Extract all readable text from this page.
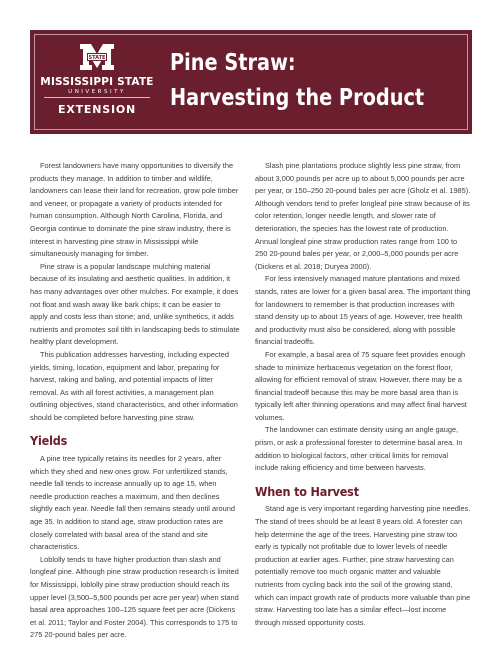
STATE
MISSISSIPPI STATE
UNIVERSITY
EXTENSION
Pine Straw:
Harvesting the Product

Forest landowners have many opportunities to diversify the products they manage. In addition to timber and wildlife, landowners can lease their land for recreation, grow pole timber and veneer, or propagate a variety of products intended for human consumption. Although North Carolina, Florida, and Georgia continue to dominate the pine straw industry, there is interest in harvesting pine straw in Mississippi while simultaneously managing for timber.

Pine straw is a popular landscape mulching material because of its insulating and aesthetic qualities. In addition, it has many advantages over other mulches. For example, it does not float and wash away like bark chips; it can be easier to apply and costs less than stone; and, unlike synthetics, it adds nutrients and promotes soil tilth in landscaping beds to stimulate healthy plant development.

This publication addresses harvesting, including expected yields, timing, location, equipment and labor, preparing for harvest, raking and baling, and potential impacts of litter removal. As with all forest activities, a management plan outlining objectives, stand characteristics, and other information should be completed before harvesting pine straw.

Yields

A pine tree typically retains its needles for 2 years, after which they shed and new ones grow. For unfertilized stands, needle fall tends to increase annually up to age 15, when needle production reaches a maximum, and then declines slightly each year. Needle fall then remains steady until around age 35. In addition to stand age, straw production rates are closely correlated with basal area of the stand and site characteristics.

Loblolly tends to have higher production than slash and longleaf pine. Although pine straw production research is limited for Mississippi, loblolly pine straw production should reach its upper level (3,500–5,500 pounds per acre per year) when stand basal area approaches 100–125 square feet per acre (Dickens et al. 2011; Taylor and Foster 2004). This corresponds to 175 to 275 20-pound bales per acre.

Slash pine plantations produce slightly less pine straw, from about 3,000 pounds per acre up to about 5,000 pounds per acre per year, or 150–250 20-pound bales per acre (Gholz et al. 1985). Although vendors tend to prefer longleaf pine straw because of its color retention, longer needle length, and slower rate of deterioration, the species has the lowest rate of production. Annual longleaf pine straw production rates range from 100 to 250 20-pound bales per year, or 2,000–5,000 pounds per acre (Dickens et al. 2018; Duryea 2000).

For less intensively managed mature plantations and mixed stands, rates are lower for a given basal area. The important thing for landowners to remember is that production increases with stand density up to about 15 years of age. However, tree health and productivity must also be considered, along with possible financial tradeoffs.

For example, a basal area of 75 square feet provides enough shade to minimize herbaceous vegetation on the forest floor, allowing for efficient removal of straw. However, there may be a financial tradeoff because this may be more basal area than is typically left after thinning operations and may affect final harvest volumes.

The landowner can estimate density using an angle gauge, prism, or ask a professional forester to determine basal area. In addition to biological factors, other critical limits for removal include raking efficiency and time between harvests.

When to Harvest

Stand age is very important regarding harvesting pine needles. The stand of trees should be at least 8 years old. A forester can help determine the age of the trees. Harvesting pine straw too early is typically not profitable due to lower levels of needle production at earlier ages. Further, pine straw harvesting can potentially remove too much organic matter and valuable nutrients from cycling back into the soil of the growing stand, which can impact growth rate of products more valuable than pine straw. Harvesting too late has a similar effect—lost income through missed opportunity costs.
